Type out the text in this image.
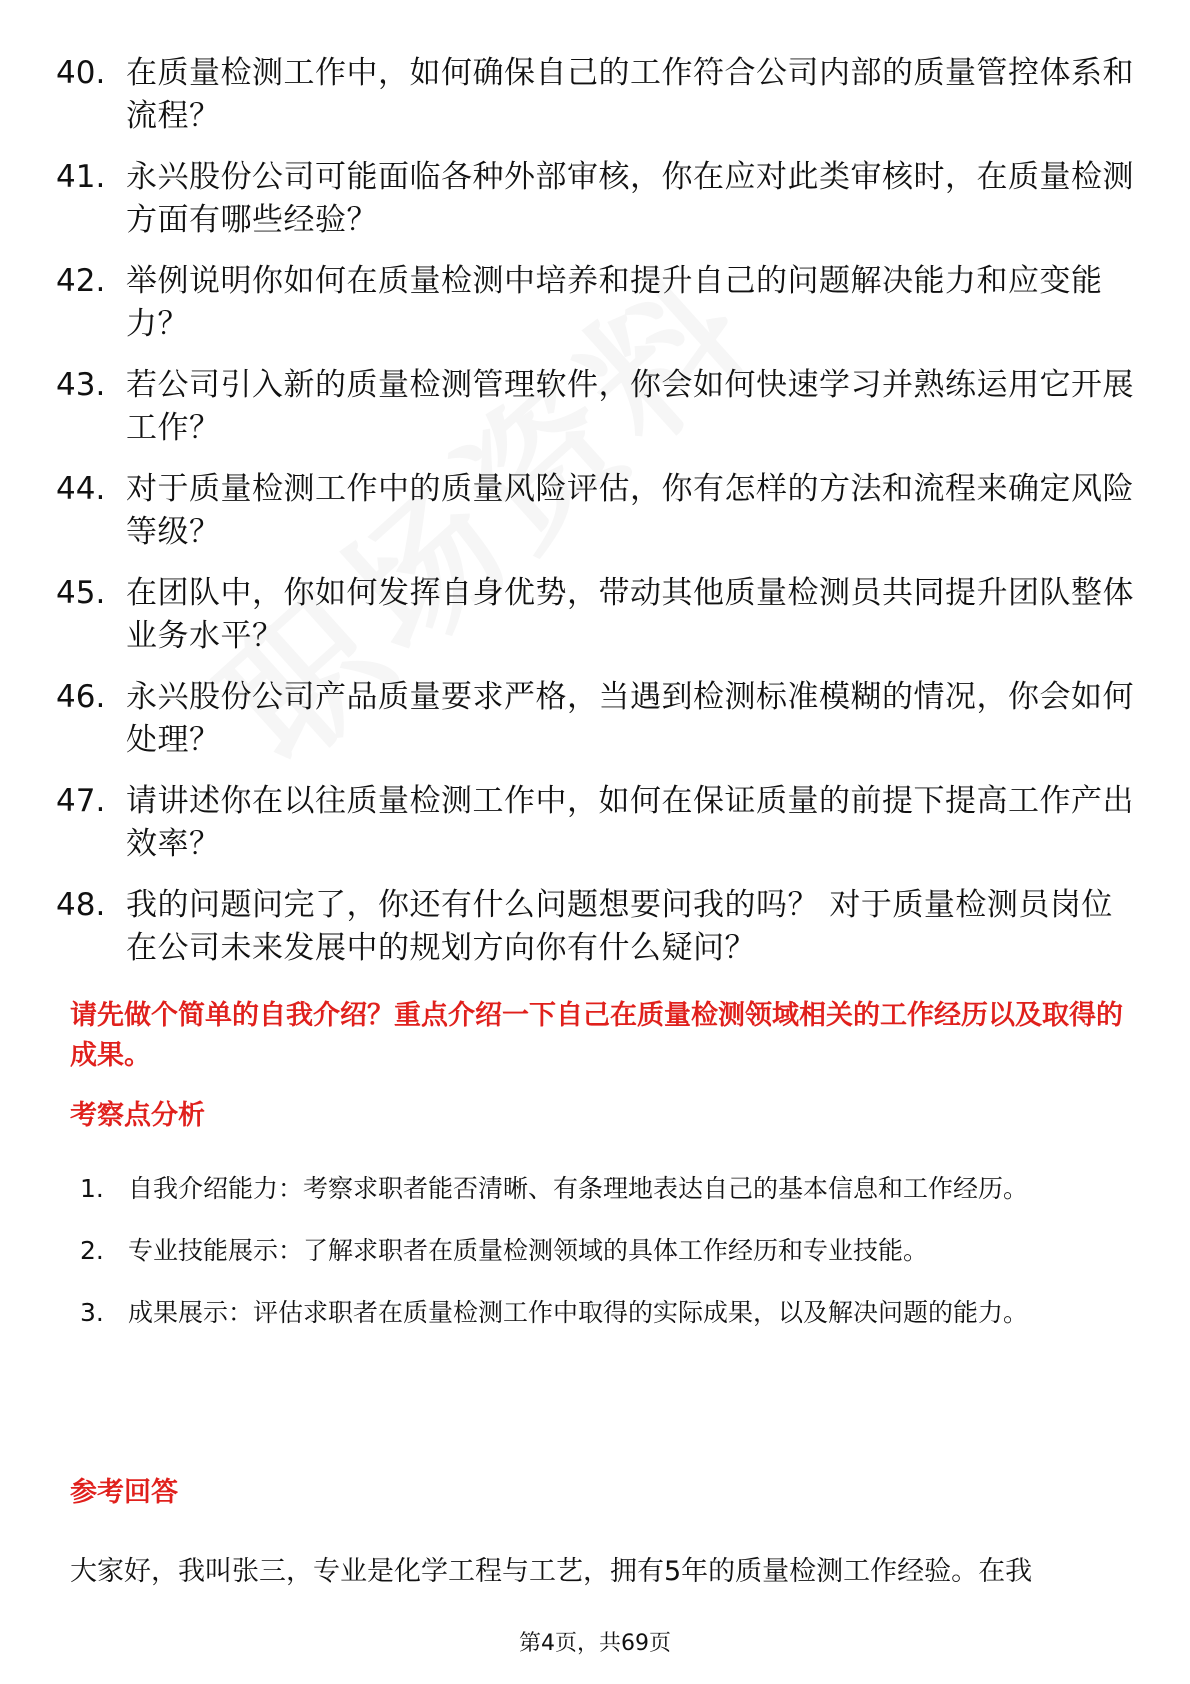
40. 在质量检测工作中，如何确保自己的工作符合公司内部的质量管控体系和流程？
41. 永兴股份公司可能面临各种外部审核，你在应对此类审核时，在质量检测方面有哪些经验？
42. 举例说明你如何在质量检测中培养和提升自己的问题解决能力和应变能力？
43. 若公司引入新的质量检测管理软件，你会如何快速学习并熟练运用它开展工作？
44. 对于质量检测工作中的质量风险评估，你有怎样的方法和流程来确定风险等级？
45. 在团队中，你如何发挥自身优势，带动其他质量检测员共同提升团队整体业务水平？
46. 永兴股份公司产品质量要求严格，当遇到检测标准模糊的情况，你会如何处理？
47. 请讲述你在以往质量检测工作中，如何在保证质量的前提下提高工作产出效率？
48. 我的问题问完了，你还有什么问题想要问我的吗？ 对于质量检测员岗位在公司未来发展中的规划方向你有什么疑问？
请先做个简单的自我介绍？重点介绍一下自己在质量检测领域相关的工作经历以及取得的成果。
考察点分析
1. 自我介绍能力：考察求职者能否清晰、有条理地表达自己的基本信息和工作经历。
2. 专业技能展示：了解求职者在质量检测领域的具体工作经历和专业技能。
3. 成果展示：评估求职者在质量检测工作中取得的实际成果，以及解决问题的能力。
参考回答
大家好，我叫张三，专业是化学工程与工艺，拥有5年的质量检测工作经验。在我
第4页，共69页
